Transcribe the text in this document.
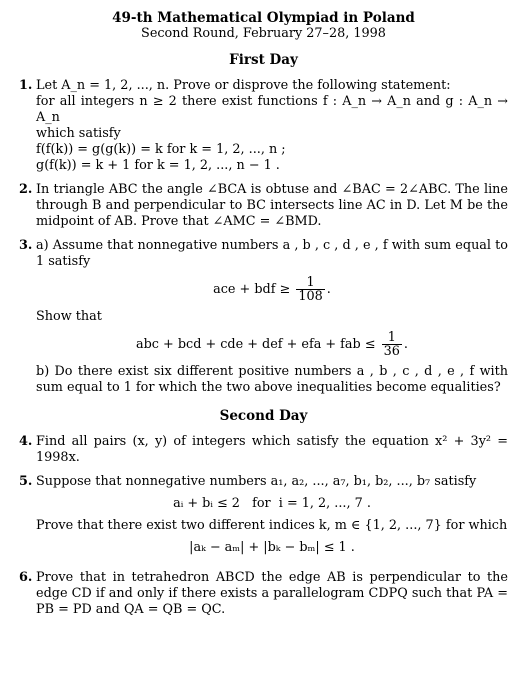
49-th Mathematical Olympiad in Poland
Second Round, February 27–28, 1998
First Day
1. Let A_n = 1, 2, ..., n. Prove or disprove the following statement:
for all integers n ≥ 2 there exist functions f : A_n → A_n and g : A_n → A_n
which satisfy
f(f(k)) = g(g(k)) = k for k = 1, 2, ..., n ;
g(f(k)) = k + 1 for k = 1, 2, ..., n − 1 .
2. In triangle ABC the angle ∠BCA is obtuse and ∠BAC = 2∠ABC. The line through B and perpendicular to BC intersects line AC in D. Let M be the midpoint of AB. Prove that ∠AMC = ∠BMD.
3. a) Assume that nonnegative numbers a , b , c , d , e , f with sum equal to 1 satisfy
ace + bdf ≥ $\frac{1}{108}$ .
Show that
abc + bcd + cde + def + efa + fab ≤ $\frac{1}{36}$ .
b) Do there exist six different positive numbers a , b , c , d , e , f with sum equal to 1 for which the two above inequalities become equalities?
Second Day
4. Find all pairs (x, y) of integers which satisfy the equation x² + 3y² = 1998x.
5. Suppose that nonnegative numbers a₁, a₂, ..., a₇, b₁, b₂, ..., b₇ satisfy
aᵢ + bᵢ ≤ 2   for  i = 1, 2, ..., 7 .
Prove that there exist two different indices k, m ∈ {1, 2, ..., 7} for which
|aₖ − aₘ| + |bₖ − bₘ| ≤ 1 .
6. Prove that in tetrahedron ABCD the edge AB is perpendicular to the edge CD if and only if there exists a parallelogram CDPQ such that PA = PB = PD and QA = QB = QC.
